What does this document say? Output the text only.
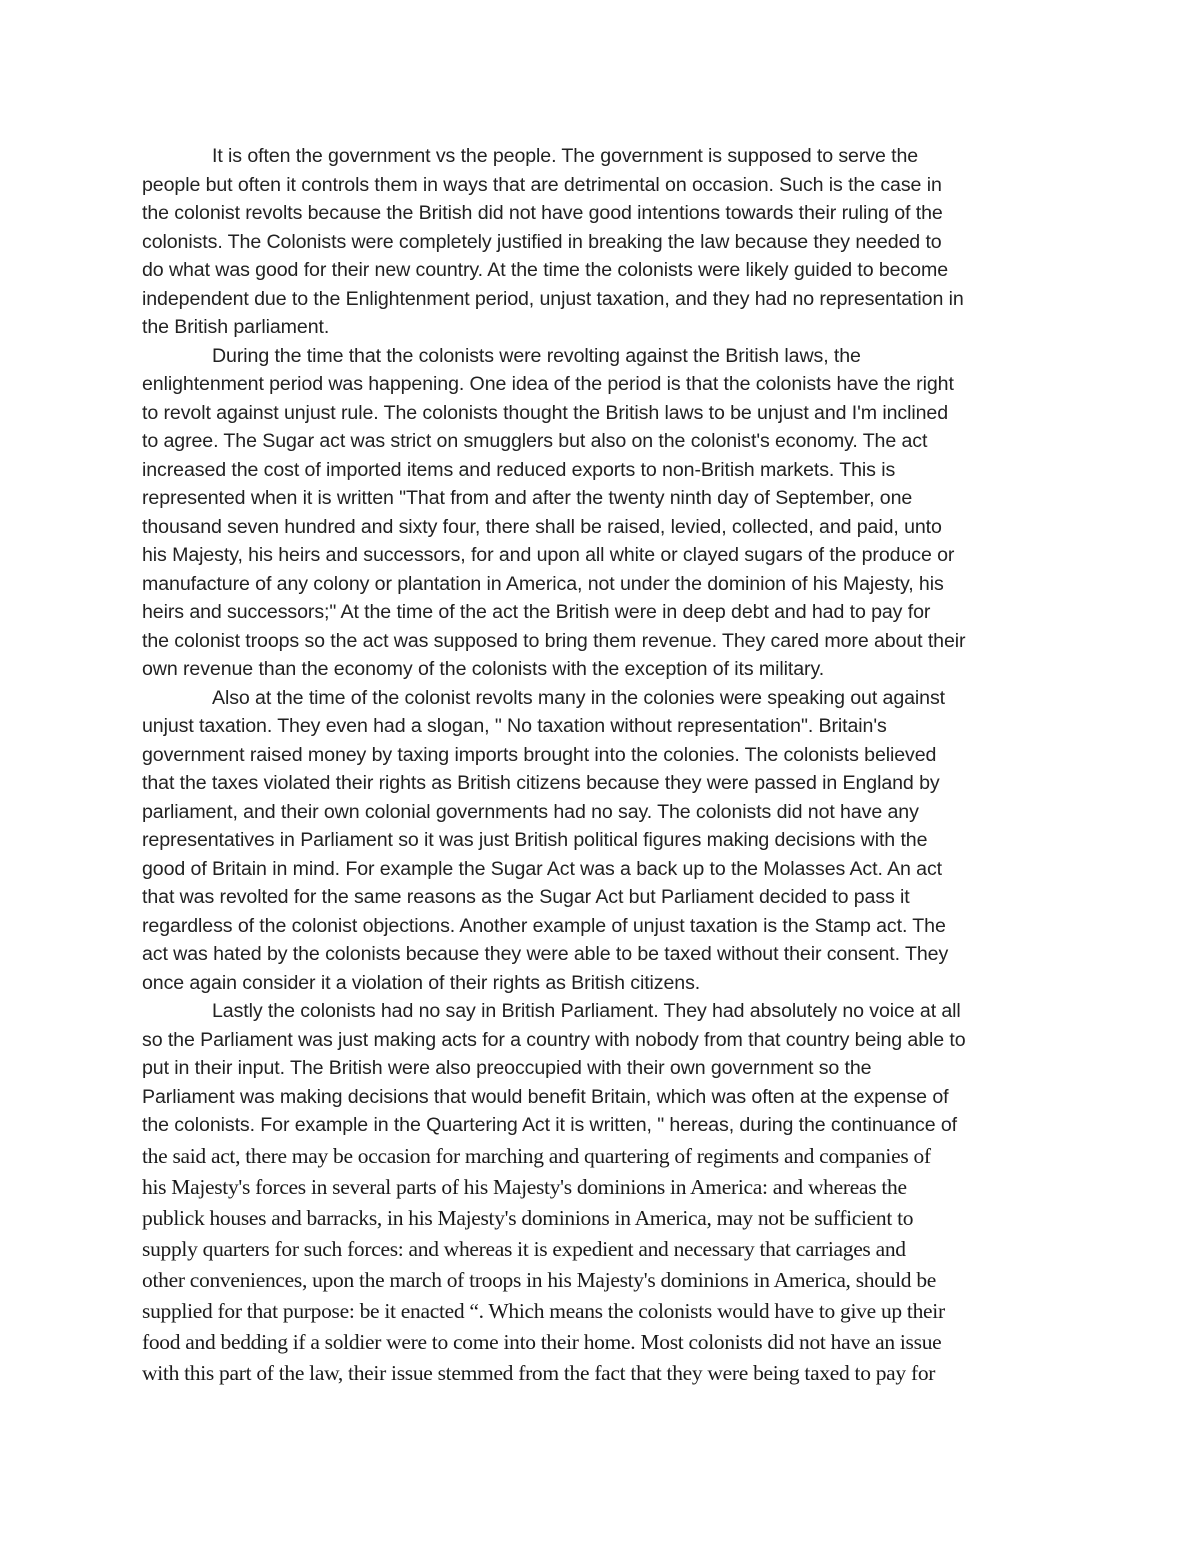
It is often the government vs the people. The government is supposed to serve the
people but often it controls them in ways that are detrimental on occasion. Such is the case in
the colonist revolts because the British did not have good intentions towards their ruling of the
colonists. The Colonists were completely justified in breaking the law because they needed to
do what was good for their new country. At the time the colonists were likely guided to become
independent due to the Enlightenment period, unjust taxation, and they had no representation in
the British parliament.
During the time that the colonists were revolting against the British laws, the
enlightenment period was happening. One idea of the period is that the colonists have the right
to revolt against unjust rule. The colonists thought the British laws to be unjust and I'm inclined
to agree. The Sugar act was strict on smugglers but also on the colonist's economy. The act
increased the cost of imported items and reduced exports to non-British markets. This is
represented when it is written "That from and after the twenty ninth day of September, one
thousand seven hundred and sixty four, there shall be raised, levied, collected, and paid, unto
his Majesty, his heirs and successors, for and upon all white or clayed sugars of the produce or
manufacture of any colony or plantation in America, not under the dominion of his Majesty, his
heirs and successors;" At the time of the act the British were in deep debt and had to pay for
the colonist troops so the act was supposed to bring them revenue. They cared more about their
own revenue than the economy of the colonists with the exception of its military.
Also at the time of the colonist revolts many in the colonies were speaking out against
unjust taxation. They even had a slogan, " No taxation without representation". Britain's
government raised money by taxing imports brought into the colonies. The colonists believed
that the taxes violated their rights as British citizens because they were passed in England by
parliament, and their own colonial governments had no say. The colonists did not have any
representatives in Parliament so it was just British political figures making decisions with the
good of Britain in mind. For example the Sugar Act was a back up to the Molasses Act. An act
that was revolted for the same reasons as the Sugar Act but Parliament decided to pass it
regardless of the colonist objections. Another example of unjust taxation is the Stamp act. The
act was hated by the colonists because they were able to be taxed without their consent. They
once again consider it a violation of their rights as British citizens.
Lastly the colonists had no say in British Parliament. They had absolutely no voice at all
so the Parliament was just making acts for a country with nobody from that country being able to
put in their input. The British were also preoccupied with their own government so the
Parliament was making decisions that would benefit Britain, which was often at the expense of
the colonists. For example in the Quartering Act it is written, " hereas, during the continuance of
the said act, there may be occasion for marching and quartering of regiments and companies of
his Majesty's forces in several parts of his Majesty's dominions in America: and whereas the
publick houses and barracks, in his Majesty's dominions in America, may not be sufficient to
supply quarters for such forces: and whereas it is expedient and necessary that carriages and
other conveniences, upon the march of troops in his Majesty's dominions in America, should be
supplied for that purpose: be it enacted “. Which means the colonists would have to give up their
food and bedding if a soldier were to come into their home. Most colonists did not have an issue
with this part of the law, their issue stemmed from the fact that they were being taxed to pay for
